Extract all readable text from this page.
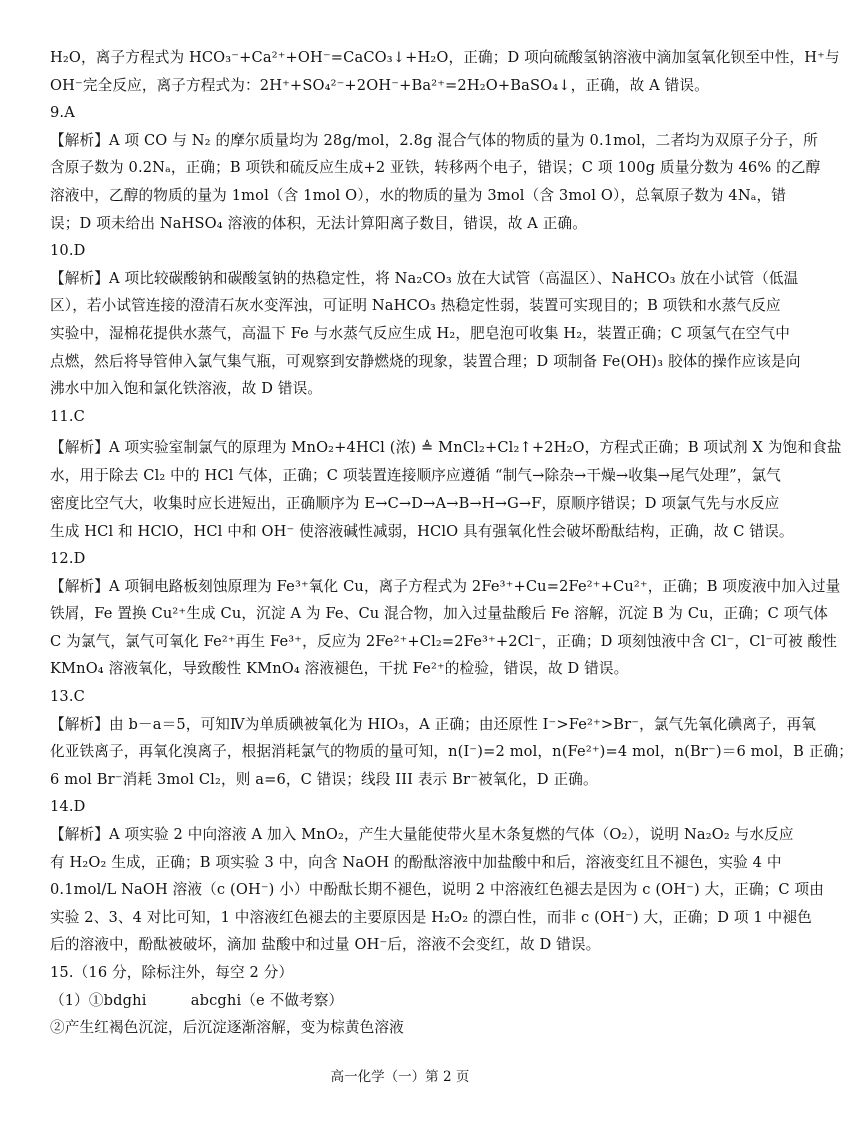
H₂O，离子方程式为 HCO₃⁻+Ca²⁺+OH⁻=CaCO₃↓+H₂O，正确；D 项向硫酸氢钠溶液中滴加氢氧化钡至中性，H⁺与
OH⁻完全反应，离子方程式为：2H⁺+SO₄²⁻+2OH⁻+Ba²⁺=2H₂O+BaSO₄↓，正确，故 A 错误。
9.A
【解析】A 项 CO 与 N₂ 的摩尔质量均为 28g/mol，2.8g 混合气体的物质的量为 0.1mol，二者均为双原子分子，所
含原子数为 0.2Nₐ，正确；B 项铁和硫反应生成+2 亚铁，转移两个电子，错误；C 项 100g 质量分数为 46% 的乙醇
溶液中，乙醇的物质的量为 1mol（含 1mol O），水的物质的量为 3mol（含 3mol O），总氧原子数为 4Nₐ，错
误；D 项未给出 NaHSO₄ 溶液的体积，无法计算阳离子数目，错误，故 A 正确。
10.D
【解析】A 项比较碳酸钠和碳酸氢钠的热稳定性，将 Na₂CO₃ 放在大试管（高温区）、NaHCO₃ 放在小试管（低温
区），若小试管连接的澄清石灰水变浑浊，可证明 NaHCO₃ 热稳定性弱，装置可实现目的；B 项铁和水蒸气反应
实验中，湿棉花提供水蒸气，高温下 Fe 与水蒸气反应生成 H₂，肥皂泡可收集 H₂，装置正确；C 项氢气在空气中
点燃，然后将导管伸入氯气集气瓶，可观察到安静燃烧的现象，装置合理；D 项制备 Fe(OH)₃ 胶体的操作应该是向
沸水中加入饱和氯化铁溶液，故 D 错误。
11.C
【解析】A 项实验室制氯气的原理为 MnO₂+4HCl (浓) ≜ MnCl₂+Cl₂↑+2H₂O，方程式正确；B 项试剂 X 为饱和食盐
水，用于除去 Cl₂ 中的 HCl 气体，正确；C 项装置连接顺序应遵循 “制气→除杂→干燥→收集→尾气处理”，氯气
密度比空气大，收集时应长进短出，正确顺序为 E→C→D→A→B→H→G→F，原顺序错误；D 项氯气先与水反应
生成 HCl 和 HClO，HCl 中和 OH⁻ 使溶液碱性减弱，HClO 具有强氧化性会破坏酚酞结构，正确，故 C 错误。
12.D
【解析】A 项铜电路板刻蚀原理为 Fe³⁺氧化 Cu，离子方程式为 2Fe³⁺+Cu=2Fe²⁺+Cu²⁺，正确；B 项废液中加入过量
铁屑，Fe 置换 Cu²⁺生成 Cu，沉淀 A 为 Fe、Cu 混合物，加入过量盐酸后 Fe 溶解，沉淀 B 为 Cu，正确；C 项气体
C 为氯气，氯气可氧化 Fe²⁺再生 Fe³⁺，反应为 2Fe²⁺+Cl₂=2Fe³⁺+2Cl⁻，正确；D 项刻蚀液中含 Cl⁻，Cl⁻可被 酸性
KMnO₄ 溶液氧化，导致酸性 KMnO₄ 溶液褪色，干扰 Fe²⁺的检验，错误，故 D 错误。
13.C
【解析】由 b－a＝5，可知Ⅳ为单质碘被氧化为 HIO₃，A 正确；由还原性 I⁻>Fe²⁺>Br⁻，氯气先氧化碘离子，再氧
化亚铁离子，再氧化溴离子，根据消耗氯气的物质的量可知，n(I⁻)=2 mol，n(Fe²⁺)=4 mol，n(Br⁻)＝6 mol，B 正确；
6 mol Br⁻消耗 3mol Cl₂，则 a=6，C 错误；线段 III 表示 Br⁻被氧化，D 正确。
14.D
【解析】A 项实验 2 中向溶液 A 加入 MnO₂，产生大量能使带火星木条复燃的气体（O₂），说明 Na₂O₂ 与水反应
有 H₂O₂ 生成，正确；B 项实验 3 中，向含 NaOH 的酚酞溶液中加盐酸中和后，溶液变红且不褪色，实验 4 中
0.1mol/L NaOH 溶液（c (OH⁻) 小）中酚酞长期不褪色，说明 2 中溶液红色褪去是因为 c (OH⁻) 大，正确；C 项由
实验 2、3、4 对比可知，1 中溶液红色褪去的主要原因是 H₂O₂ 的漂白性，而非 c (OH⁻) 大，正确；D 项 1 中褪色
后的溶液中，酚酞被破坏，滴加 盐酸中和过量 OH⁻后，溶液不会变红，故 D 错误。
15.（16 分，除标注外，每空 2 分）
（1）①bdghi　　　abcghi（e 不做考察）
②产生红褐色沉淀，后沉淀逐渐溶解，变为棕黄色溶液
高一化学（一）第 2 页
